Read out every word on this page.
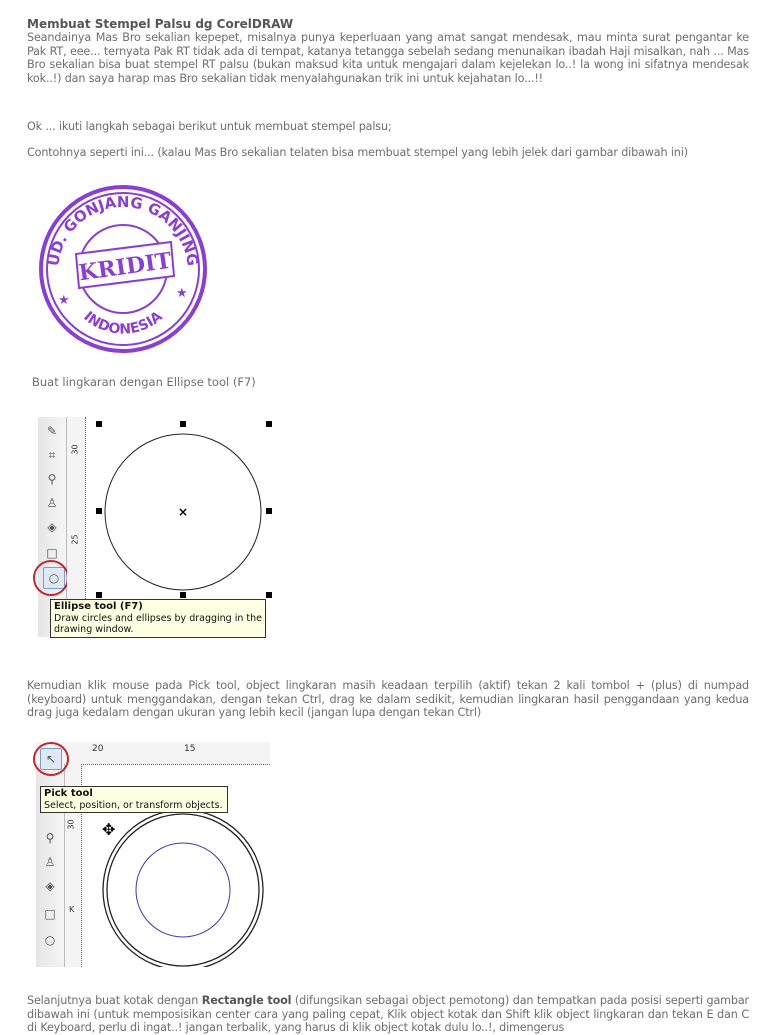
Membuat Stempel Palsu dg CorelDRAW
Seandainya Mas Bro sekalian kepepet, misalnya punya keperluaan yang amat sangat mendesak, mau minta surat pengantar ke Pak RT, eee... ternyata Pak RT tidak ada di tempat, katanya tetangga sebelah sedang menunaikan ibadah Haji misalkan, nah ... Mas Bro sekalian bisa buat stempel RT palsu (bukan maksud kita untuk mengajari dalam kejelekan lo..! la wong ini sifatnya mendesak kok..!) dan saya harap mas Bro sekalian tidak menyalahgunakan trik ini untuk kejahatan lo...!!
Ok ... ikuti langkah sebagai berikut untuk membuat stempel palsu;
Contohnya seperti ini... (kalau Mas Bro sekalian telaten bisa membuat stempel yang lebih jelek dari gambar dibawah ini)
UD. GONJANG GANJING
INDONESIA
KRIDIT
★	★
Buat lingkaran dengan Ellipse tool (F7)
✎
⌗
⚲
♙
◈
□
○
30
25
×
Ellipse tool (F7)
Draw circles and ellipses by dragging in the drawing window.
Kemudian klik mouse pada Pick tool, object lingkaran masih keadaan terpilih (aktif) tekan 2 kali tombol + (plus) di numpad (keyboard) untuk menggandakan, dengan tekan Ctrl, drag ke dalam sedikit, kemudian lingkaran hasil penggandaan yang kedua drag juga kedalam dengan ukuran yang lebih kecil (jangan lupa dengan tekan Ctrl)
20	15
↖
⚲
♙
◈
□
○
30
K
✥
Pick tool
Select, position, or transform objects.
Selanjutnya buat kotak dengan Rectangle tool (difungsikan sebagai object pemotong) dan tempatkan pada posisi seperti gambar dibawah ini (untuk memposisikan center cara yang paling cepat, Klik object kotak dan Shift klik object lingkaran dan tekan E dan C di Keyboard, perlu di ingat..! jangan terbalik, yang harus di klik object kotak dulu lo..!, dimengerus
